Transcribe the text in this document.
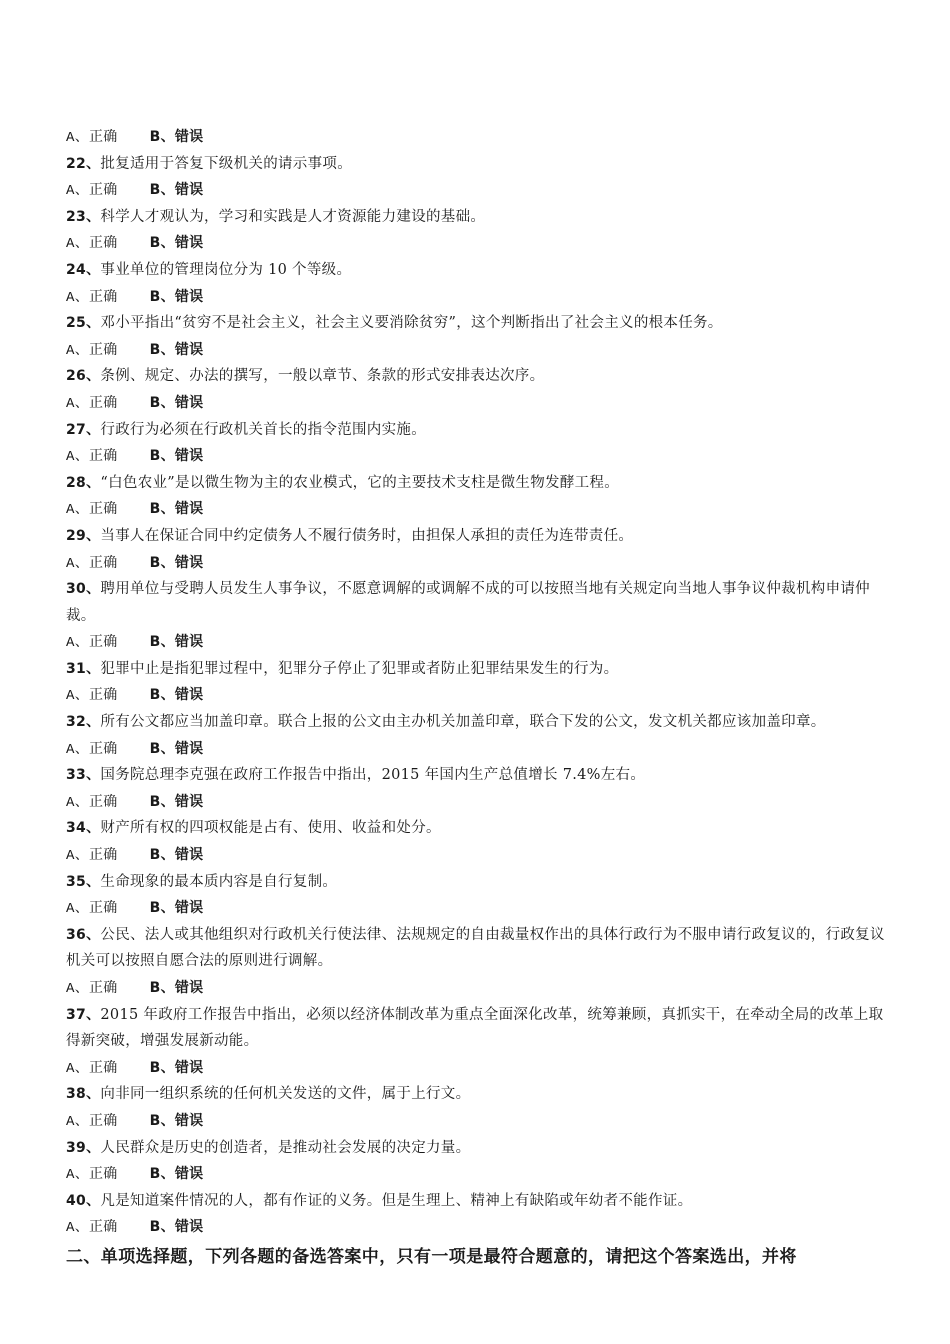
A、正确 B、错误
22、批复适用于答复下级机关的请示事项。
A、正确 B、错误
23、科学人才观认为，学习和实践是人才资源能力建设的基础。
A、正确 B、错误
24、事业单位的管理岗位分为 10 个等级。
A、正确 B、错误
25、邓小平指出“贫穷不是社会主义，社会主义要消除贫穷”，这个判断指出了社会主义的根本任务。
A、正确 B、错误
26、条例、规定、办法的撰写，一般以章节、条款的形式安排表达次序。
A、正确 B、错误
27、行政行为必须在行政机关首长的指令范围内实施。
A、正确 B、错误
28、“白色农业”是以微生物为主的农业模式，它的主要技术支柱是微生物发酵工程。
A、正确 B、错误
29、当事人在保证合同中约定债务人不履行债务时，由担保人承担的责任为连带责任。
A、正确 B、错误
30、聘用单位与受聘人员发生人事争议，不愿意调解的或调解不成的可以按照当地有关规定向当地人事争议仲裁机构申请仲裁。
A、正确 B、错误
31、犯罪中止是指犯罪过程中，犯罪分子停止了犯罪或者防止犯罪结果发生的行为。
A、正确 B、错误
32、所有公文都应当加盖印章。联合上报的公文由主办机关加盖印章，联合下发的公文，发文机关都应该加盖印章。
A、正确 B、错误
33、国务院总理李克强在政府工作报告中指出，2015 年国内生产总值增长 7.4%左右。
A、正确 B、错误
34、财产所有权的四项权能是占有、使用、收益和处分。
A、正确 B、错误
35、生命现象的最本质内容是自行复制。
A、正确 B、错误
36、公民、法人或其他组织对行政机关行使法律、法规规定的自由裁量权作出的具体行政行为不服申请行政复议的，行政复议机关可以按照自愿合法的原则进行调解。
A、正确 B、错误
37、2015 年政府工作报告中指出，必须以经济体制改革为重点全面深化改革，统筹兼顾，真抓实干，在牵动全局的改革上取得新突破，增强发展新动能。
A、正确 B、错误
38、向非同一组织系统的任何机关发送的文件，属于上行文。
A、正确 B、错误
39、人民群众是历史的创造者，是推动社会发展的决定力量。
A、正确 B、错误
40、凡是知道案件情况的人，都有作证的义务。但是生理上、精神上有缺陷或年幼者不能作证。
A、正确 B、错误
二、单项选择题，下列各题的备选答案中，只有一项是最符合题意的，请把这个答案选出，并将
